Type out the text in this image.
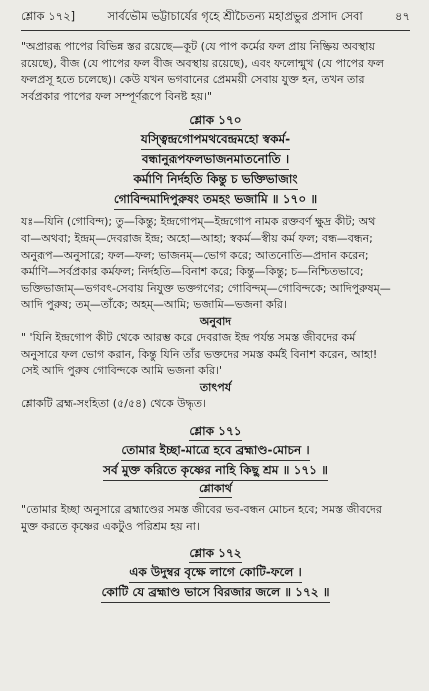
শ্লোক ১৭২]	সার্বভৌম ভট্টাচার্যের গৃহে শ্রীচৈতন্য মহাপ্রভুর প্রসাদ সেবা	৪৭

"অপ্রারব্ধ পাপের বিভিন্ন স্তর রয়েছে—কূট (যে পাপ কর্মের ফল প্রায় নিষ্ক্রিয় অবস্থায়

রয়েছে), বীজ (যে পাপের ফল বীজ অবস্থায় রয়েছে), এবং ফলোন্মুখ (যে পাপের ফল

ফলপ্রসূ হতে চলেছে)। কেউ যখন ভগবানের প্রেমময়ী সেবায় যুক্ত হন, তখন তার

সর্বপ্রকার পাপের ফল সম্পূর্ণরূপে বিনষ্ট হয়।"

শ্লোক ১৭০
যস্ত্বিন্দ্রগোপমথবেন্দ্রমহো স্বকর্ম-
বন্ধানুরূপফলভাজনমাতনোতি ।
কর্মাণি নির্দহতি কিন্তু চ ভক্তিভাজাং
গোবিন্দমাদিপুরুষং তমহং ভজামি ॥ ১৭০ ॥

যঃ—যিনি (গোবিন্দ); তু—কিন্তু; ইন্দ্রগোপম্—ইন্দ্রগোপ নামক রক্তবর্ণ ক্ষুদ্র কীট; অথ

বা—অথবা; ইন্দ্রম্—দেবরাজ ইন্দ্র; অহো—আহা; স্বকর্ম—স্বীয় কর্ম ফল; বন্ধ—বন্ধন;

অনুরূপ—অনুসারে; ফল—ফল; ভাজনম্—ভোগ করে; আতনোতি—প্রদান করেন;

কর্মাণি—সর্বপ্রকার কর্মফল; নির্দহতি—বিনাশ করে; কিন্তু—কিন্তু; চ—নিশ্চিতভাবে;

ভক্তিভাজাম্—ভগবৎ-সেবায় নিযুক্ত ভক্তগণের; গোবিন্দম্—গোবিন্দকে; আদিপুরুষম্—

আদি পুরুষ; তম্—তাঁকে; অহম্—আমি; ভজামি—ভজনা করি।

অনুবাদ

" 'যিনি ইন্দ্রগোপ কীট থেকে আরম্ভ করে দেবরাজ ইন্দ্র পর্যন্ত সমস্ত জীবদের কর্ম

অনুসারে ফল ভোগ করান, কিন্তু যিনি তাঁর ভক্তদের সমস্ত কর্মই বিনাশ করেন, আহা!

সেই আদি পুরুষ গোবিন্দকে আমি ভজনা করি।'

তাৎপর্য

শ্লোকটি ব্রহ্ম-সংহিতা (৫/৫৪) থেকে উদ্ধৃত।

শ্লোক ১৭১
তোমার ইচ্ছা-মাত্রে হবে ব্রহ্মাণ্ড-মোচন ।
সর্ব মুক্ত করিতে কৃষ্ণের নাহি কিছু শ্রম ॥ ১৭১ ॥
শ্লোকার্থ

"তোমার ইচ্ছা অনুসারে ব্রহ্মাণ্ডের সমস্ত জীবের ভব-বন্ধন মোচন হবে; সমস্ত জীবদের

মুক্ত করতে কৃষ্ণের একটুও পরিশ্রম হয় না।

শ্লোক ১৭২
এক উদুম্বর বৃক্ষে লাগে কোটি-ফলে ।
কোটি যে ব্রহ্মাণ্ড ভাসে বিরজার জলে ॥ ১৭২ ॥
